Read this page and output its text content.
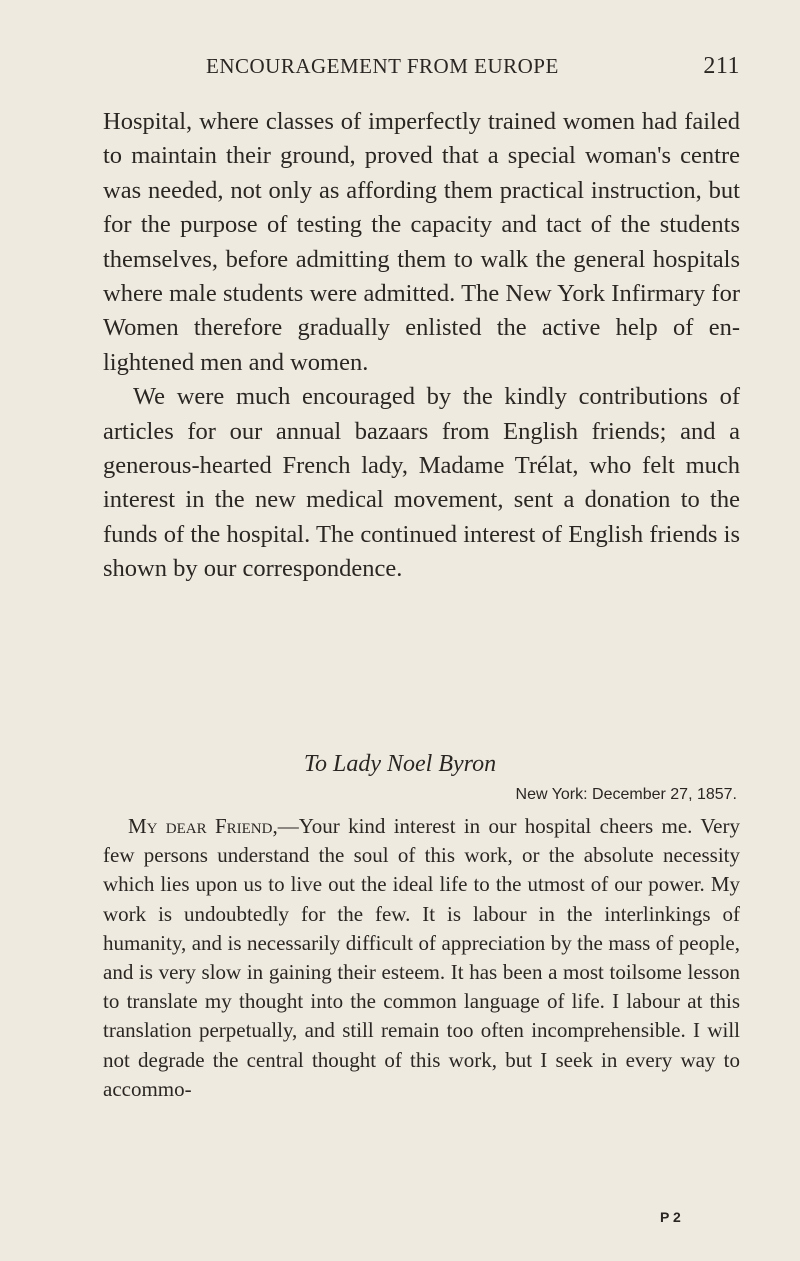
ENCOURAGEMENT FROM EUROPE	211

Hospital, where classes of imperfectly trained women had failed to maintain their ground, proved that a special woman's centre was needed, not only as affording them practical instruction, but for the purpose of testing the capacity and tact of the students themselves, before admitting them to walk the general hospitals where male students were admitted. The New York Infirmary for Women therefore gradually enlisted the active help of enlightened men and women.

We were much encouraged by the kindly contributions of articles for our annual bazaars from English friends; and a generous-hearted French lady, Madame Trélat, who felt much interest in the new medical movement, sent a donation to the funds of the hospital. The continued interest of English friends is shown by our correspondence.

To Lady Noel Byron
New York: December 27, 1857.

My dear Friend,—Your kind interest in our hospital cheers me. Very few persons understand the soul of this work, or the absolute necessity which lies upon us to live out the ideal life to the utmost of our power. My work is undoubtedly for the few. It is labour in the interlinkings of humanity, and is necessarily difficult of appreciation by the mass of people, and is very slow in gaining their esteem. It has been a most toilsome lesson to translate my thought into the common language of life. I labour at this translation perpetually, and still remain too often incomprehensible. I will not degrade the central thought of this work, but I seek in every way to accommo-

P 2
